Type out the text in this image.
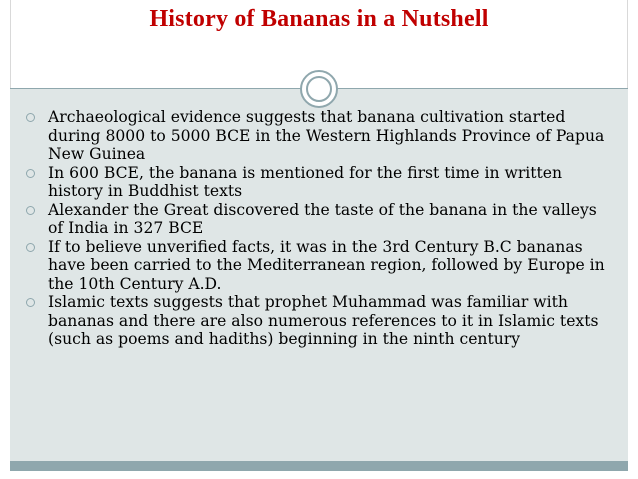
History of Bananas in a Nutshell
Archaeological evidence suggests that banana cultivation started during 8000 to 5000 BCE in the Western Highlands Province of Papua New Guinea
In 600 BCE, the banana is mentioned for the first time in written history in Buddhist texts
Alexander the Great discovered the taste of the banana in the valleys of India in 327 BCE
If to believe unverified facts, it was in the 3rd Century B.C bananas have been carried to the Mediterranean region, followed by Europe in the 10th Century A.D.
Islamic texts suggests that prophet Muhammad was familiar with bananas and there are also numerous references to it in Islamic texts (such as poems and hadiths) beginning in the ninth century
